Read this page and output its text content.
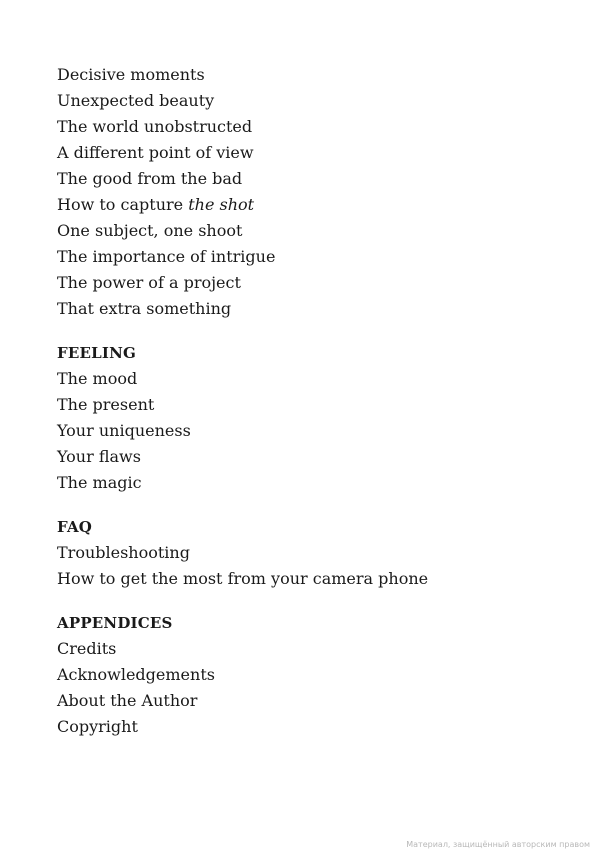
Decisive moments
Unexpected beauty
The world unobstructed
A different point of view
The good from the bad
How to capture the shot
One subject, one shoot
The importance of intrigue
The power of a project
That extra something
FEELING
The mood
The present
Your uniqueness
Your flaws
The magic
FAQ
Troubleshooting
How to get the most from your camera phone
APPENDICES
Credits
Acknowledgements
About the Author
Copyright
Материал, защищённый авторским правом
